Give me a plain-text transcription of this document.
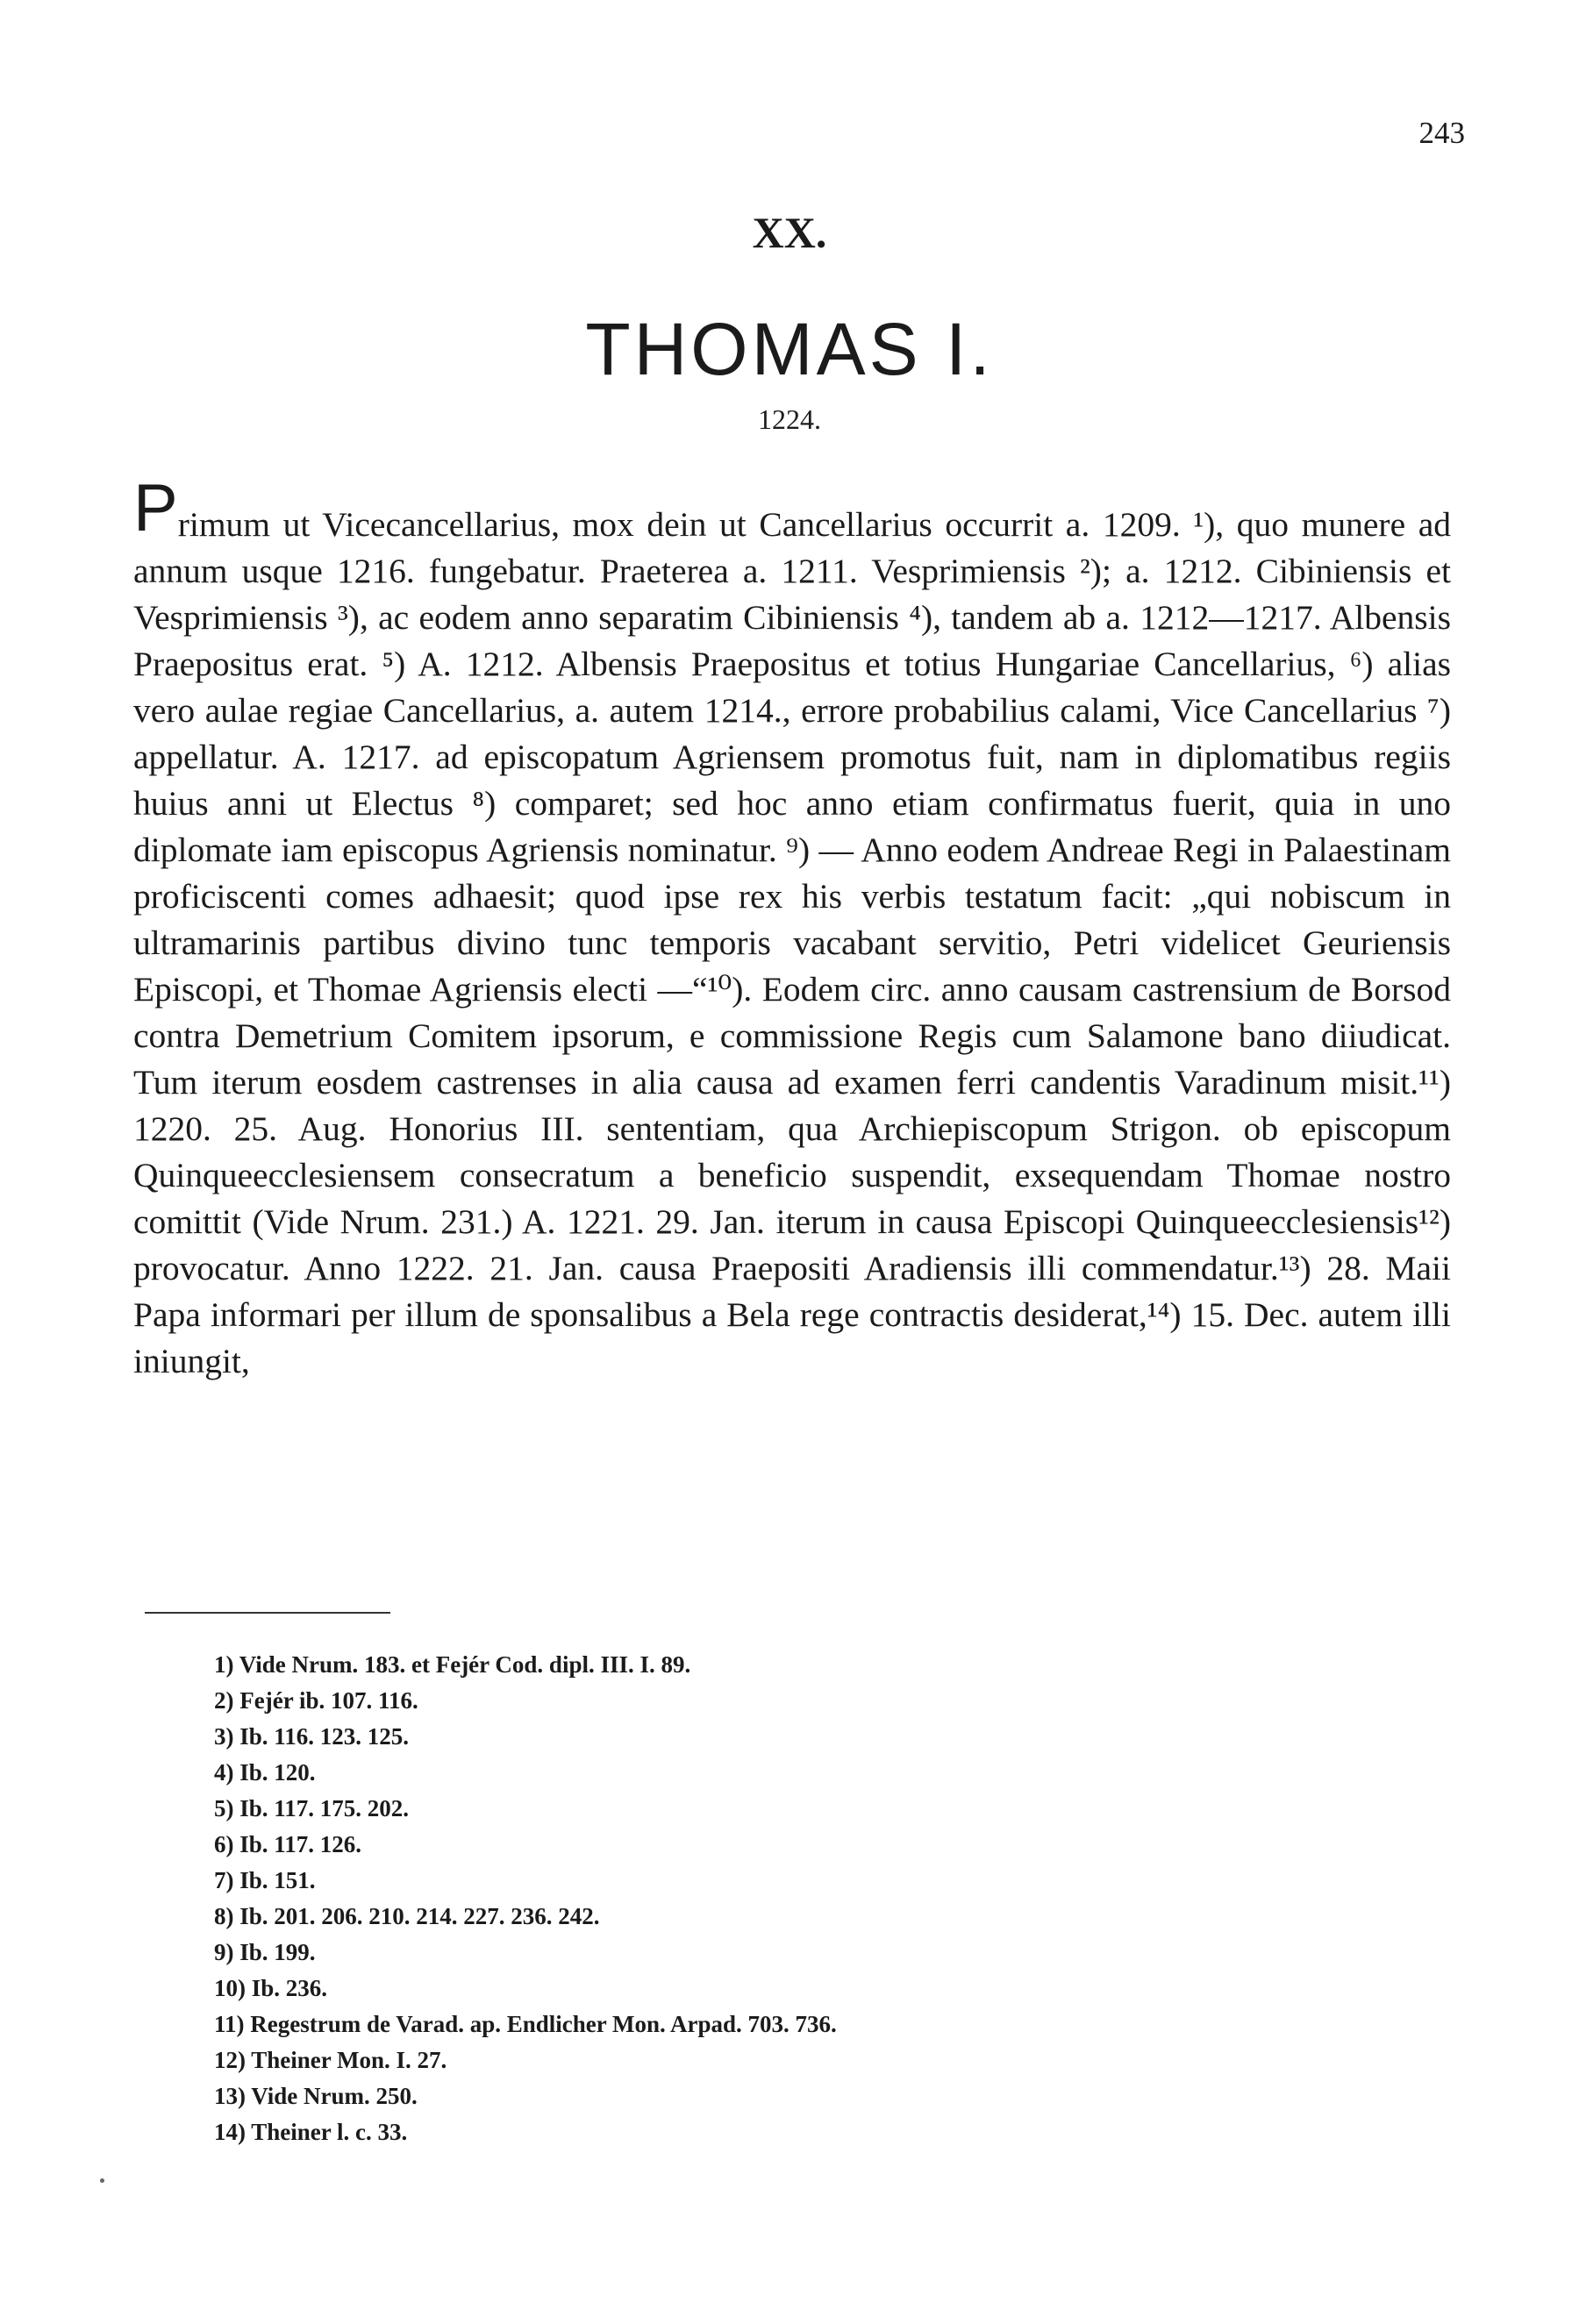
243
XX.
THOMAS I.
1224.

Primum ut Vicecancellarius, mox dein ut Cancellarius occurrit a. 1209. ¹), quo munere ad annum usque 1216. fungebatur. Praeterea a. 1211. Vesprimiensis ²); a. 1212. Cibiniensis et Vesprimiensis ³), ac eodem anno separatim Cibiniensis ⁴), tandem ab a. 1212—1217. Albensis Praepositus erat. ⁵) A. 1212. Albensis Praepositus et totius Hungariae Cancellarius, ⁶) alias vero aulae regiae Cancellarius, a. autem 1214., errore probabilius calami, Vice Cancellarius ⁷) appellatur. A. 1217. ad episcopatum Agriensem promotus fuit, nam in diplomatibus regiis huius anni ut Electus ⁸) comparet; sed hoc anno etiam confirmatus fuerit, quia in uno diplomate iam episcopus Agriensis nominatur. ⁹) — Anno eodem Andreae Regi in Palaestinam proficiscenti comes adhaesit; quod ipse rex his verbis testatum facit: „qui nobiscum in ultramarinis partibus divino tunc temporis vacabant servitio, Petri videlicet Geuriensis Episcopi, et Thomae Agriensis electi —“¹⁰). Eodem circ. anno causam castrensium de Borsod contra Demetrium Comitem ipsorum, e commissione Regis cum Salamone bano diiudicat. Tum iterum eosdem castrenses in alia causa ad examen ferri candentis Varadinum misit.¹¹) 1220. 25. Aug. Honorius III. sententiam, qua Archiepiscopum Strigon. ob episcopum Quinqueecclesiensem consecratum a beneficio suspendit, exsequendam Thomae nostro comittit (Vide Nrum. 231.) A. 1221. 29. Jan. iterum in causa Episcopi Quinqueecclesiensis¹²) provocatur. Anno 1222. 21. Jan. causa Praepositi Aradiensis illi commendatur.¹³) 28. Maii Papa informari per illum de sponsalibus a Bela rege contractis desiderat,¹⁴) 15. Dec. autem illi iniungit,

1) Vide Nrum. 183. et Fejér Cod. dipl. III. I. 89.
2) Fejér ib. 107. 116.
3) Ib. 116. 123. 125.
4) Ib. 120.
5) Ib. 117. 175. 202.
6) Ib. 117. 126.
7) Ib. 151.
8) Ib. 201. 206. 210. 214. 227. 236. 242.
9) Ib. 199.
10) Ib. 236.
11) Regestrum de Varad. ap. Endlicher Mon. Arpad. 703. 736.
12) Theiner Mon. I. 27.
13) Vide Nrum. 250.
14) Theiner l. c. 33.
